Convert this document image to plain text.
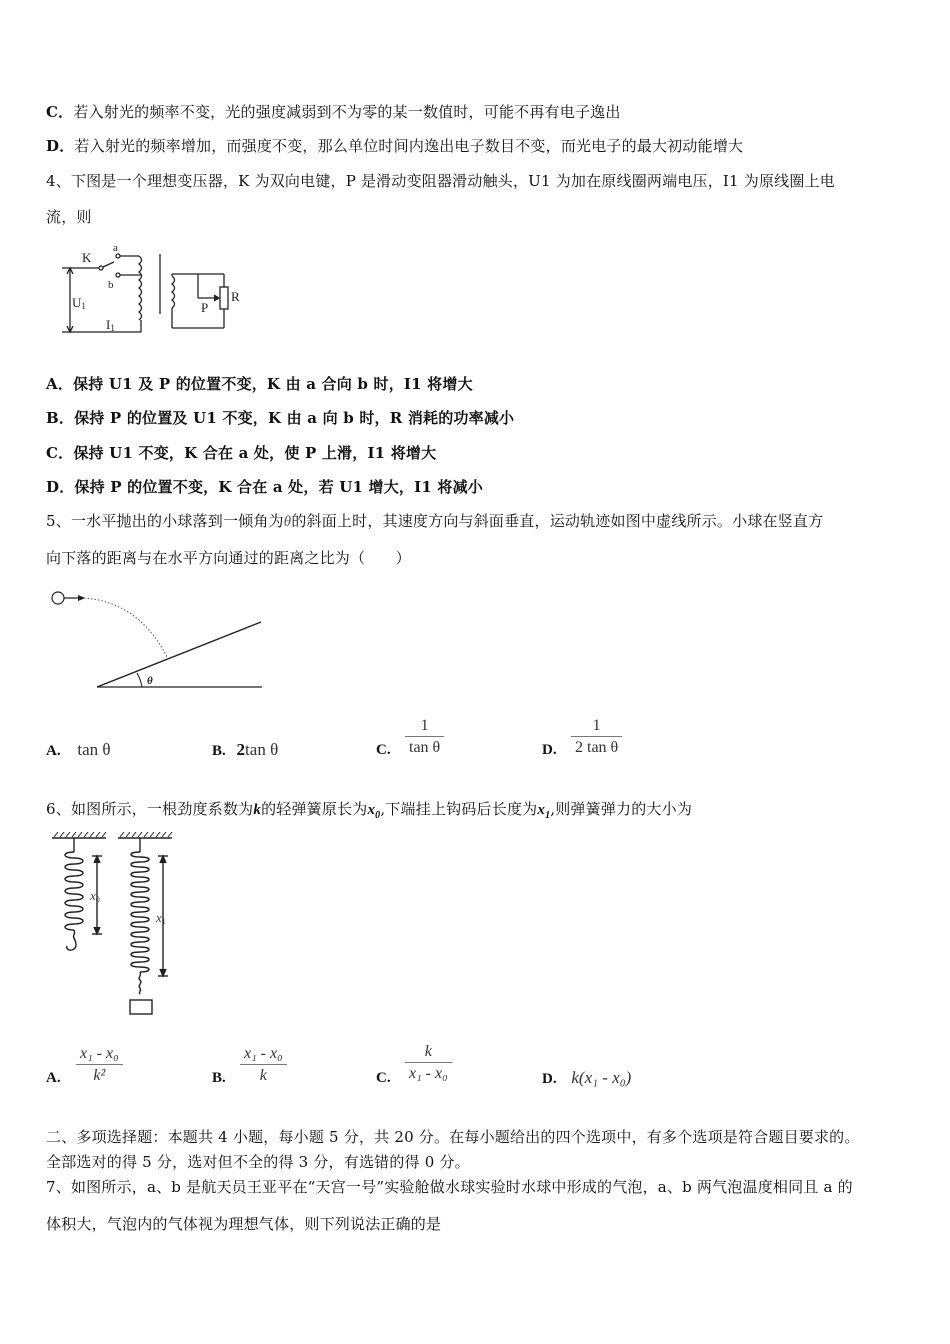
C．若入射光的频率不变，光的强度减弱到不为零的某一数值时，可能不再有电子逸出
D．若入射光的频率增加，而强度不变，那么单位时间内逸出电子数目不变，而光电子的最大初动能增大
4、下图是一个理想变压器，K 为双向电键，P 是滑动变阻器滑动触头，U1 为加在原线圈两端电压，I1 为原线圈上电
流，则
K
a
b
U1
I1
P
R
A．保持 U1 及 P 的位置不变，K 由 a 合向 b 时，I1 将增大
B．保持 P 的位置及 U1 不变，K 由 a 向 b 时，R 消耗的功率减小
C．保持 U1 不变，K 合在 a 处，使 P 上滑，I1 将增大
D．保持 P 的位置不变，K 合在 a 处，若 U1 增大，I1 将减小
5、一水平抛出的小球落到一倾角为θ的斜面上时，其速度方向与斜面垂直，运动轨迹如图中虚线所示。小球在竖直方
向下落的距离与在水平方向通过的距离之比为（　　）
θ
A. tan θ	B. 2tan θ	C.
1
tan θ	D.
1
2 tan θ
6、如图所示，一根劲度系数为k的轻弹簧原长为$x_0$,下端挂上钩码后长度为$x_1$,则弹簧弹力的大小为
x0
x1
A.
x₁ - x₀
k²	B.
x₁ - x₀
k	C.
k
x₁ - x₀	D. k(x₁ - x₀)
二、多项选择题：本题共 4 小题，每小题 5 分，共 20 分。在每小题给出的四个选项中，有多个选项是符合题目要求的。
全部选对的得 5 分，选对但不全的得 3 分，有选错的得 0 分。
7、如图所示，a、b 是航天员王亚平在“天宫一号”实验舱做水球实验时水球中形成的气泡，a、b 两气泡温度相同且 a 的
体积大，气泡内的气体视为理想气体，则下列说法正确的是
